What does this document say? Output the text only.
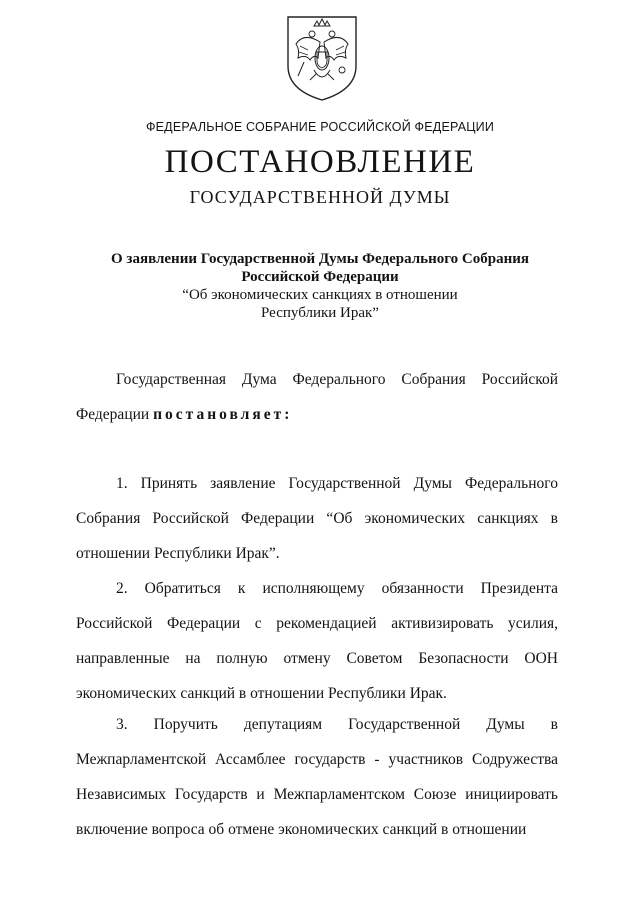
ФЕДЕРАЛЬНОЕ СОБРАНИЕ РОССИЙСКОЙ ФЕДЕРАЦИИ
ПОСТАНОВЛЕНИЕ
ГОСУДАРСТВЕННОЙ ДУМЫ
О заявлении Государственной Думы Федерального Собрания
Российской Федерации
“Об экономических санкциях в отношении
Республики Ирак”
Государственная Дума Федерального Собрания Российской Федерации постановляет:
1. Принять заявление Государственной Думы Федерального Собрания Российской Федерации “Об экономических санкциях в отношении Республики Ирак”.
2. Обратиться к исполняющему обязанности Президента Российской Федерации с рекомендацией активизировать усилия, направленные на полную отмену Советом Безопасности ООН экономических санкций в отношении Республики Ирак.
3. Поручить депутациям Государственной Думы в Межпарламентской Ассамблее государств - участников Содружества Независимых Государств и Межпарламентском Союзе инициировать включение вопроса об отмене экономических санкций в отношении
